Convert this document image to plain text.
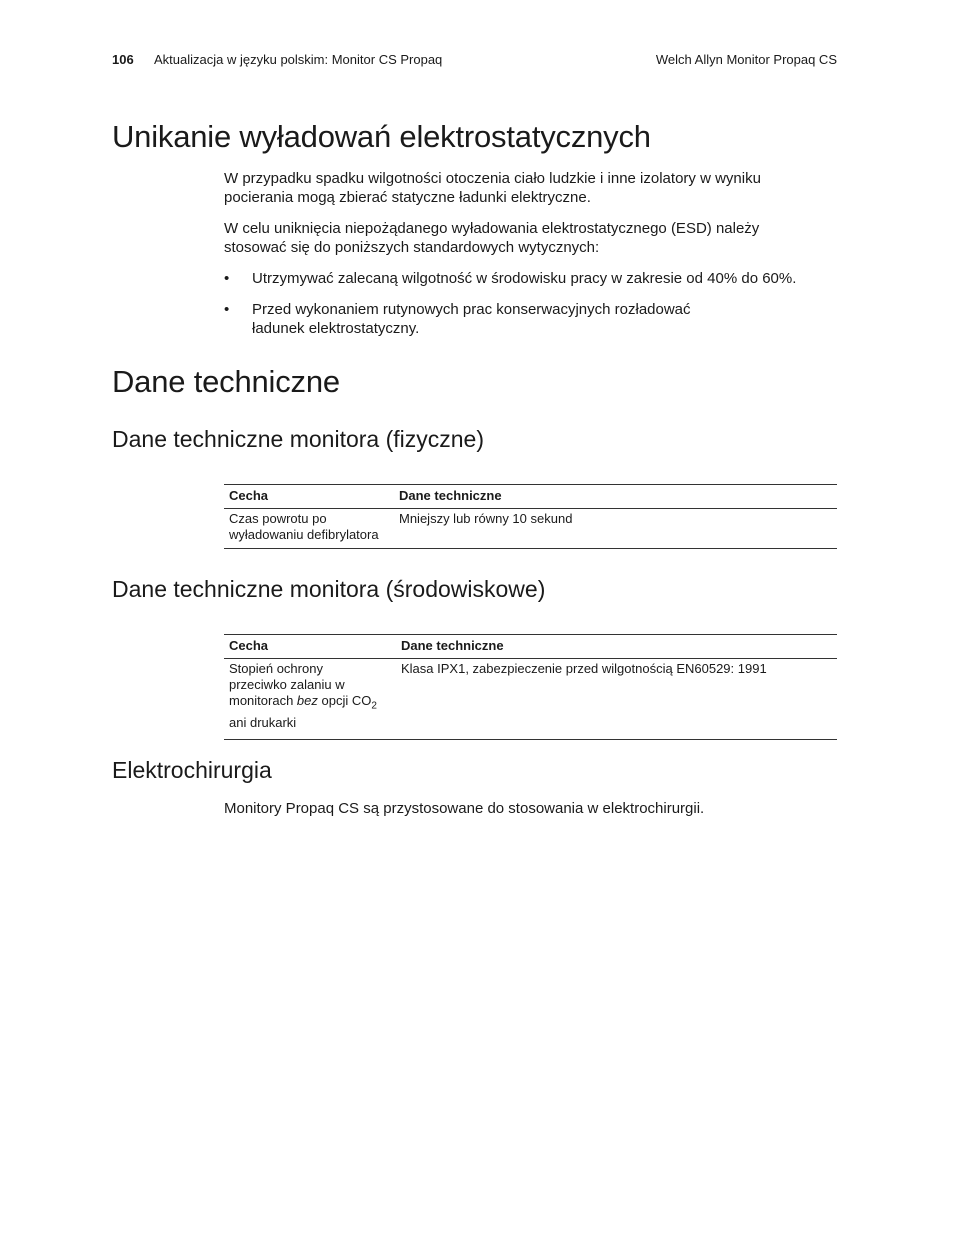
106 Aktualizacja w języku polskim: Monitor CS Propaq	Welch Allyn Monitor Propaq CS
Unikanie wyładowań elektrostatycznych

W przypadku spadku wilgotności otoczenia ciało ludzkie i inne izolatory w wyniku pocierania mogą zbierać statyczne ładunki elektryczne.

W celu uniknięcia niepożądanego wyładowania elektrostatycznego (ESD) należy stosować się do poniższych standardowych wytycznych:

• Utrzymywać zalecaną wilgotność w środowisku pracy w zakresie od 40% do 60%.
• Przed wykonaniem rutynowych prac konserwacyjnych rozładować
ładunek elektrostatyczny.
Dane techniczne
Dane techniczne monitora (fizyczne)
Cecha	Dane techniczne
Czas powrotu po
wyładowaniu defibrylatora	Mniejszy lub równy 10 sekund
Dane techniczne monitora (środowiskowe)
Cecha	Dane techniczne
Stopień ochrony
przeciwko zalaniu w
monitorach bez opcji $CO_2$
ani drukarki	Klasa IPX1, zabezpieczenie przed wilgotnością EN60529: 1991
Elektrochirurgia

Monitory Propaq CS są przystosowane do stosowania w elektrochirurgii.
